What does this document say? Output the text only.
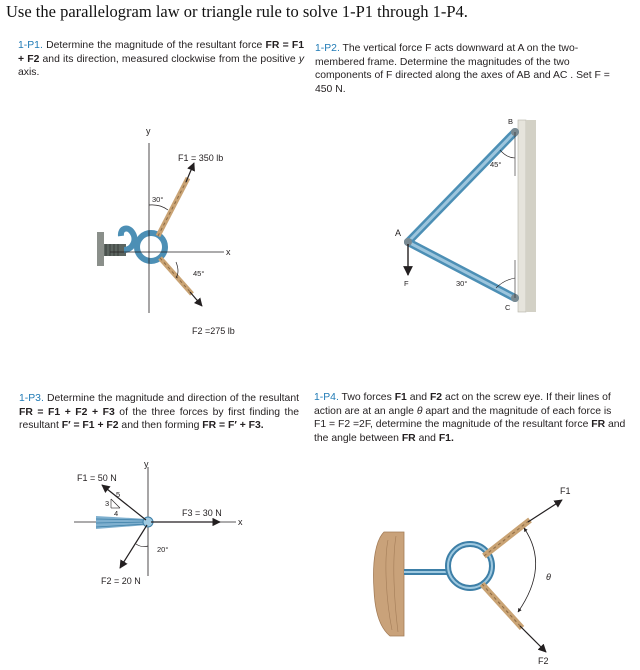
Use the parallelogram law or triangle rule to solve 1-P1 through 1-P4.
1-P1. Determine the magnitude of the resultant force FR = F1 + F2 and its direction, measured clockwise from the positive y axis.
1-P2. The vertical force F acts downward at A on the two-membered frame. Determine the magnitudes of the two components of F directed along the axes of AB and AC . Set F = 450 N.
1-P3. Determine the magnitude and direction of the resultant FR = F1 + F2 + F3 of the three forces by first finding the resultant F′ = F1 + F2 and then forming FR = F′ + F3.
1-P4. Two forces F1 and F2 act on the screw eye. If their lines of action are at an angle θ apart and the magnitude of each force is F1 = F2 =2F, determine the magnitude of the resultant force FR and the angle between FR and F1.
y
x
F1 = 350 lb
F2 =275 lb
30°
45°
A
B
C
F
45°
30°
y
x
F1 = 50 N
5
3
4
F2 = 20 N
20°
F3 = 30 N
F1
F2
θ
